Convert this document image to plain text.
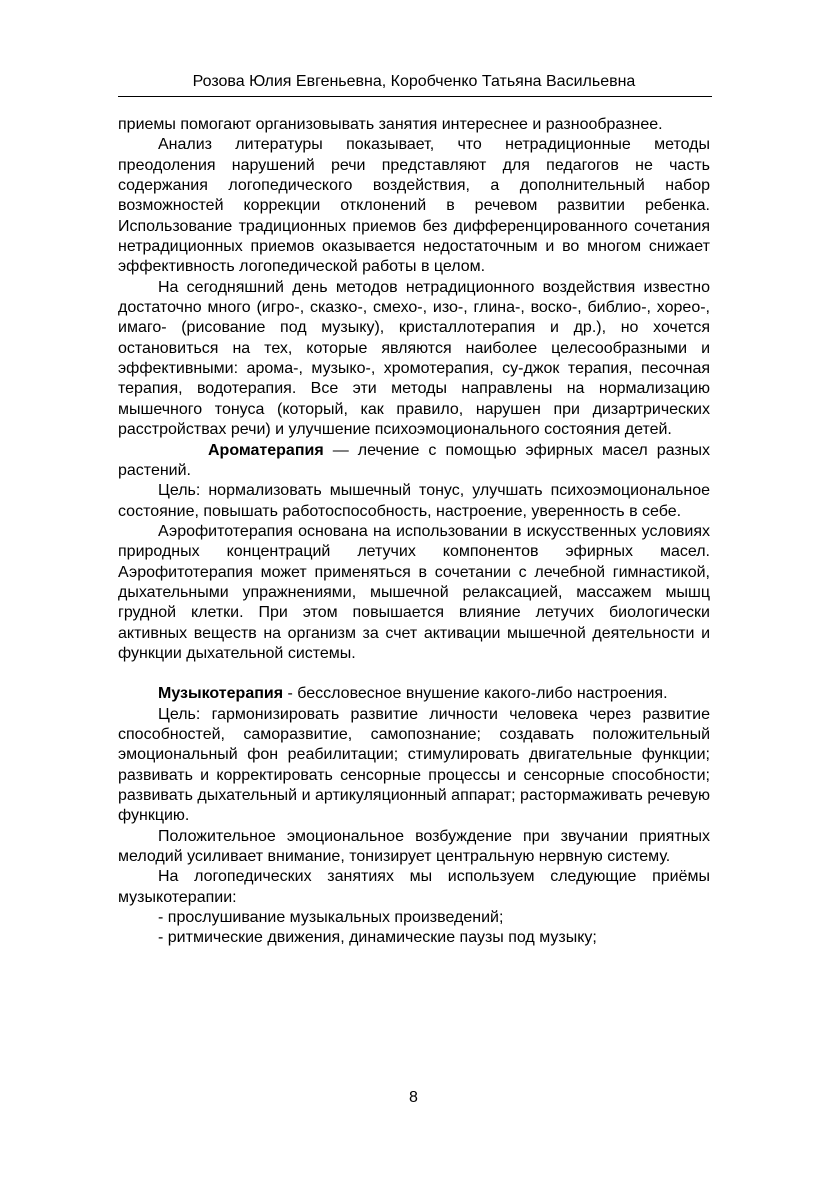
Розова Юлия Евгеньевна, Коробченко Татьяна Васильевна

приемы помогают организовывать занятия интереснее и разнообразнее.

Анализ литературы показывает, что нетрадиционные методы преодоления нарушений речи представляют для педагогов не часть содержания логопедического воздействия, а дополнительный набор возможностей коррекции отклонений в речевом развитии ребенка. Использование традиционных приемов без дифференцированного сочетания нетрадиционных приемов оказывается недостаточным и во многом снижает эффективность логопедической работы в целом.

На сегодняшний день методов нетрадиционного воздействия известно достаточно много (игро-, сказко-, смехо-, изо-, глина-, воско-, библио-, хорео-, имаго- (рисование под музыку), кристаллотерапия и др.), но хочется остановиться на тех, которые являются наиболее целесообразными и эффективными: арома-, музыко-, хромотерапия, су-джок терапия, песочная терапия, водотерапия. Все эти методы направлены на нормализацию мышечного тонуса (который, как правило, нарушен при дизартрических расстройствах речи) и улучшение психоэмоционального состояния детей.

Ароматерапия — лечение с помощью эфирных масел разных растений.

Цель: нормализовать мышечный тонус, улучшать психоэмоциональное состояние, повышать работоспособность, настроение, уверенность в себе.

Аэрофитотерапия основана на использовании в искусственных условиях природных концентраций летучих компонентов эфирных масел. Аэрофитотерапия может применяться в сочетании с лечебной гимнастикой, дыхательными упражнениями, мышечной релаксацией, массажем мышц грудной клетки. При этом повышается влияние летучих биологически активных веществ на организм за счет активации мышечной деятельности и функции дыхательной системы.

Музыкотерапия - бессловесное внушение какого-либо настроения.

Цель: гармонизировать развитие личности человека через развитие способностей, саморазвитие, самопознание; создавать положительный эмоциональный фон реабилитации; стимулировать двигательные функции; развивать и корректировать сенсорные процессы и сенсорные способности; развивать дыхательный и артикуляционный аппарат; растормаживать речевую функцию.

Положительное эмоциональное возбуждение при звучании приятных мелодий усиливает внимание, тонизирует центральную нервную систему.

На логопедических занятиях мы используем следующие приёмы музыкотерапии:

- прослушивание музыкальных произведений;

- ритмические движения, динамические паузы под музыку;

8
